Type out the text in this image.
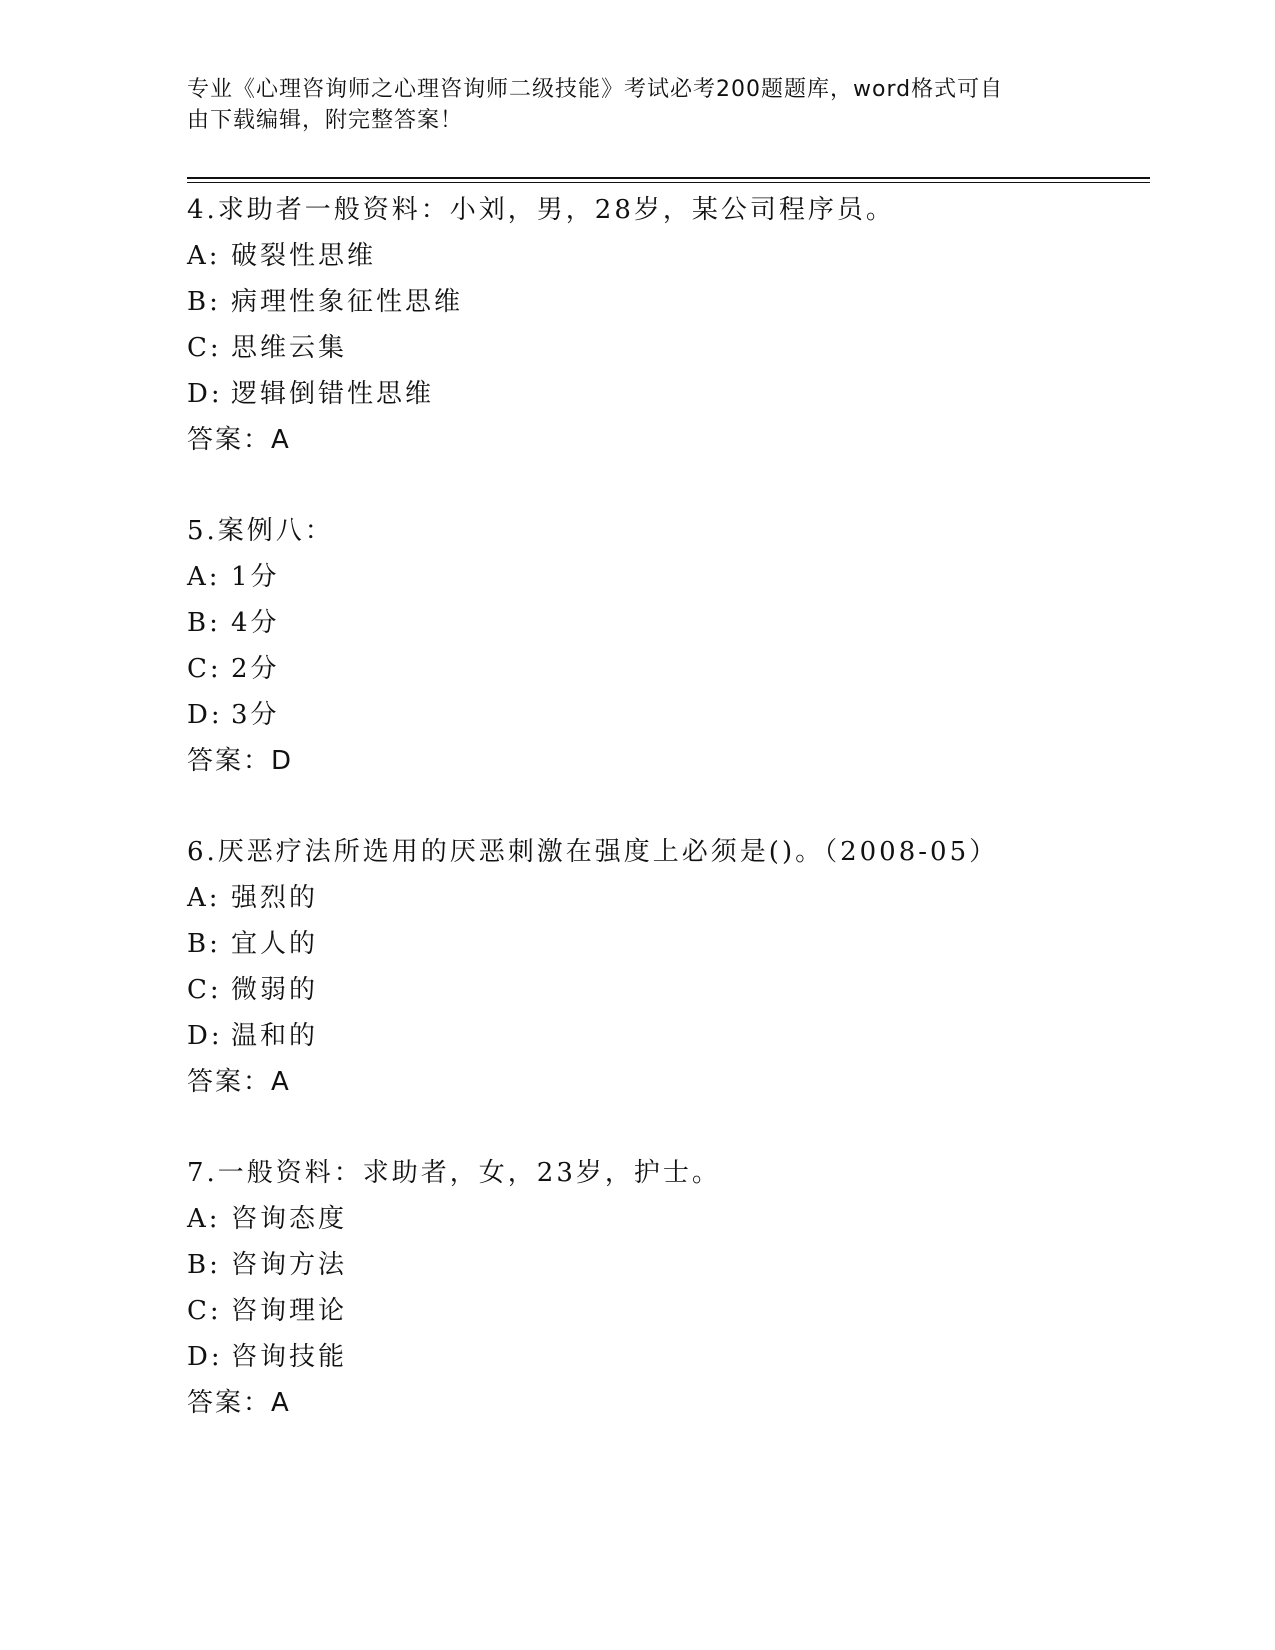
专业《心理咨询师之心理咨询师二级技能》考试必考200题题库，word格式可自
由下载编辑，附完整答案！
4.求助者一般资料：小刘，男，28岁，某公司程序员。
A: 破裂性思维
B: 病理性象征性思维
C: 思维云集
D: 逻辑倒错性思维
答案：A
5.案例八：
A: 1分
B: 4分
C: 2分
D: 3分
答案：D
6.厌恶疗法所选用的厌恶刺激在强度上必须是()。（2008-05）
A: 强烈的
B: 宜人的
C: 微弱的
D: 温和的
答案：A
7.一般资料：求助者，女，23岁，护士。
A: 咨询态度
B: 咨询方法
C: 咨询理论
D: 咨询技能
答案：A
